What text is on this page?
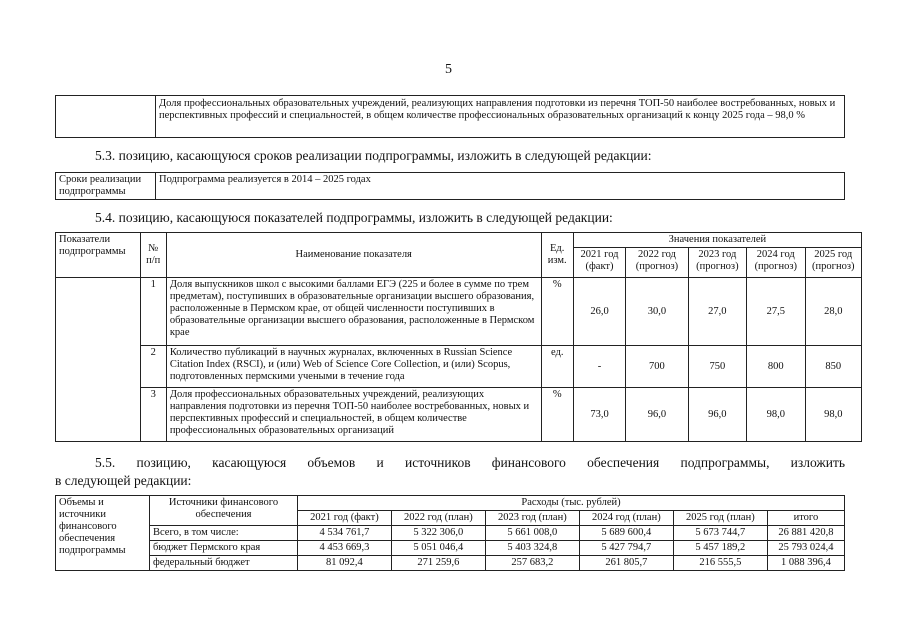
5
	Доля профессиональных образовательных учреждений, реализующих направления подготовки из перечня ТОП-50 наиболее востребованных, новых и перспективных профессий и специальностей, в общем количестве профессиональных образовательных организаций к концу 2025 года – 98,0 %
5.3. позицию, касающуюся сроков реализации подпрограммы, изложить в следующей редакции:
Сроки реализации подпрограммы	Подпрограмма реализуется в 2014 – 2025 годах
5.4. позицию, касающуюся показателей подпрограммы, изложить в следующей редакции:
Показатели подпрограммы	№ п/п	Наименование показателя	Ед. изм.	Значения показателей				
				2021 год (факт)	2022 год (прогноз)	2023 год (прогноз)	2024 год (прогноз)	2025 год (прогноз)
	1	Доля выпускников школ с высокими баллами ЕГЭ (225 и более в сумме по трем предметам), поступивших в образовательные организации высшего образования, расположенные в Пермском крае, от общей численности поступивших в образовательные организации высшего образования, расположенные в Пермском крае	%	26,0	30,0	27,0	27,5	28,0
	2	Количество публикаций в научных журналах, включенных в Russian Science Citation Index (RSCI), и (или) Web of Science Core Collection, и (или) Scopus, подготовленных пермскими учеными в течение года	ед.	-	700	750	800	850
	3	Доля профессиональных образовательных учреждений, реализующих направления подготовки из перечня ТОП-50 наиболее востребованных, новых и перспективных профессий и специальностей, в общем количестве профессиональных образовательных организаций	%	73,0	96,0	96,0	98,0	98,0
5.5. позицию, касающуюся объемов и источников финансового обеспечения подпрограммы, изложить
в следующей редакции:
Объемы и источники финансового обеспечения подпрограммы	Источники финансового обеспечения	Расходы (тыс. рублей)					
		2021 год (факт)	2022 год (план)	2023 год (план)	2024 год (план)	2025 год (план)	итого
	Всего, в том числе:	4 534 761,7	5 322 306,0	5 661 008,0	5 689 600,4	5 673 744,7	26 881 420,8
	бюджет Пермского края	4 453 669,3	5 051 046,4	5 403 324,8	5 427 794,7	5 457 189,2	25 793 024,4
	федеральный бюджет	81 092,4	271 259,6	257 683,2	261 805,7	216 555,5	1 088 396,4
